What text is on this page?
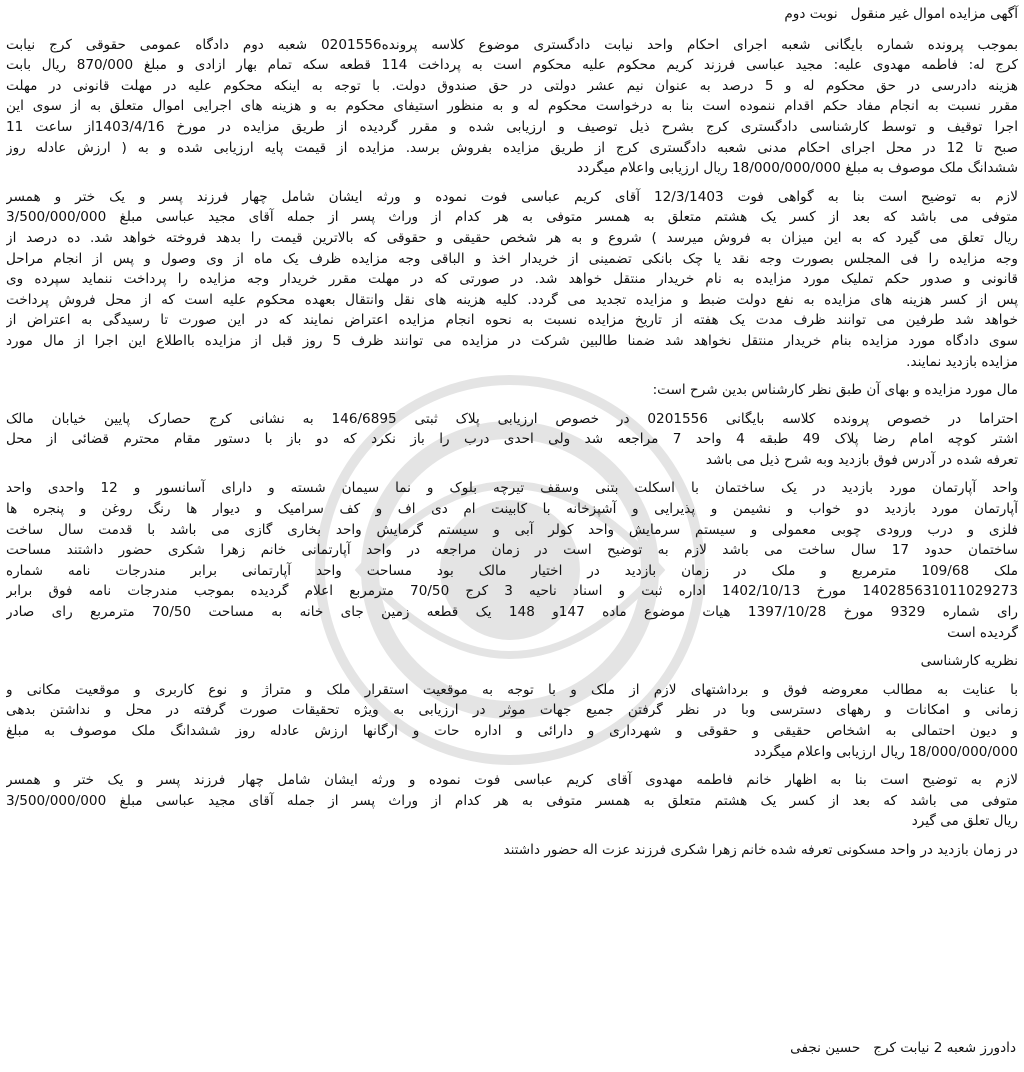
آگهی مزایده اموال غیر منقول   نوبت دوم
بموجب پرونده شماره بایگانی شعبه اجرای احکام واحد نیابت دادگستری موضوع کلاسه پرونده0201556 شعبه دوم دادگاه عمومی حقوقی کرج نیابت
کرج له: فاطمه مهدوی علیه: مجید عباسی فرزند کریم محکوم علیه محکوم است به پرداخت 114 قطعه سکه تمام بهار ازادی و مبلغ 870/000 ریال بابت
هزینه دادرسی در حق محکوم له و 5 درصد به عنوان نیم عشر دولتی در حق صندوق دولت. با توجه به اینکه محکوم علیه در مهلت قانونی در مهلت
مقرر نسبت به انجام مفاد حکم اقدام ننموده است بنا به درخواست محکوم له و به منظور استیفای محکوم به و هزینه های اجرایی اموال متعلق به از سوی این
اجرا توقیف و توسط کارشناسی دادگستری کرج بشرح ذیل توصیف و ارزیابی شده و مقرر گردیده از طریق مزایده در مورخ 1403/4/16از ساعت 11
صبح تا 12 در محل اجرای احکام مدنی شعبه دادگستری کرج از طریق مزایده بفروش برسد. مزایده از قیمت پایه ارزیابی شده و به ( ارزش عادله روز
ششدانگ ملک موصوف به مبلغ 18/000/000/000 ریال ارزیابی واعلام میگردد
لازم به توضیح است بنا به گواهی فوت 12/3/1403 آقای کریم عباسی فوت نموده و ورثه ایشان شامل چهار فرزند پسر و یک ختر و همسر
متوفی می باشد که بعد از کسر یک هشتم متعلق به همسر متوفی به هر کدام از وراث پسر از جمله آقای مجید عباسی مبلغ 3/500/000/000
ریال تعلق می گیرد که به این میزان به فروش میرسد ) شروع و به هر شخص حقیقی و حقوقی که بالاترین قیمت را بدهد فروخته خواهد شد. ده درصد از
وجه مزایده را فی المجلس بصورت وجه نقد یا چک بانکی تضمینی از خریدار اخذ و الباقی وجه مزایده ظرف یک ماه از وی وصول و پس از انجام مراحل
قانونی و صدور حکم تملیک مورد مزایده به نام خریدار منتقل خواهد شد. در صورتی که در مهلت مقرر خریدار وجه مزایده را پرداخت ننماید سپرده وی
پس از کسر هزینه های مزایده به نفع دولت ضبط و مزایده تجدید می گردد. کلیه هزینه های نقل وانتقال بعهده محکوم علیه است که از محل فروش پرداخت
خواهد شد طرفین می توانند ظرف مدت یک هفته از تاریخ مزایده نسبت به نحوه انجام مزایده اعتراض نمایند که در این صورت تا رسیدگی به اعتراض از
سوی دادگاه مورد مزایده بنام خریدار منتقل نخواهد شد ضمنا طالبین شرکت در مزایده می توانند ظرف 5 روز قبل از مزایده بااطلاع این اجرا از مال مورد
مزایده بازدید نمایند.
مال مورد مزایده و بهای آن طبق نظر کارشناس بدین شرح است:
احتراما در خصوص پرونده کلاسه بایگانی 0201556 در خصوص ارزیابی پلاک ثبتی 146/6895 به نشانی کرج حصارک پایین خیابان مالک
اشتر کوچه امام رضا پلاک 49 طبقه 4 واحد 7 مراجعه شد ولی احدی درب را باز نکرد که دو باز با دستور مقام محترم قضائی از محل
تعرفه شده در آدرس فوق بازدید وبه شرح ذیل می باشد
واحد آپارتمان مورد بازدید در یک ساختمان با اسکلت بتنی وسقف تیرچه بلوک و نما سیمان شسته و دارای آسانسور و 12 واحدی واحد
آپارتمان مورد بازدید دو خواب و نشیمن و پذیرایی و آشپزخانه با کابینت ام دی اف و کف سرامیک و دیوار ها رنگ روغن و پنجره ها
فلزی و درب ورودی چوبی معمولی و سیستم سرمایش واحد کولر آبی و سیستم گرمایش واحد بخاری گازی می باشد با قدمت سال ساخت
ساختمان حدود 17 سال ساخت می باشد لازم به توضیح است در زمان مراجعه در واحد آپارتمانی خانم زهرا شکری حضور داشتند مساحت
ملک 109/68 مترمربع و ملک در زمان بازدید در اختیار مالک بود مساحت واحد آپارتمانی برابر مندرجات نامه شماره
140285631011029273 مورخ 1402/10/13 اداره ثبت و اسناد ناحیه 3 کرج 70/50 مترمربع اعلام گردیده بموجب مندرجات نامه فوق برابر
رای شماره 9329 مورخ 1397/10/28 هیات موضوع ماده 147و 148 یک قطعه زمین جای خانه به مساحت 70/50 مترمربع رای صادر
گردیده است
نظریه کارشناسی
با عنایت به مطالب معروضه فوق و برداشتهای لازم از ملک و با توجه به موقعیت استقرار ملک و متراژ و نوع کاربری و موقعیت مکانی و
زمانی و امکانات و رههای دسترسی وبا در نظر گرفتن جمیع جهات موثر در ارزیابی به ویژه تحقیقات صورت گرفته در محل و نداشتن بدهی
و دیون احتمالی به اشخاص حقیقی و حقوقی و شهرداری و دارائی و اداره حات و ارگانها ارزش عادله روز ششدانگ ملک موصوف به مبلغ
18/000/000/000 ریال ارزیابی واعلام میگردد
لازم به توضیح است بنا به اظهار خانم فاطمه مهدوی آقای کریم عباسی فوت نموده و ورثه ایشان شامل چهار فرزند پسر و یک ختر و همسر
متوفی می باشد که بعد از کسر یک هشتم متعلق به همسر متوفی به هر کدام از وراث پسر از جمله آقای مجید عباسی مبلغ 3/500/000/000
ریال تعلق می گیرد
در زمان بازدید در واحد مسکونی تعرفه شده خانم زهرا شکری فرزند عزت اله حضور داشتند
دادورز شعبه 2 نیابت کرج   حسین نجفی
